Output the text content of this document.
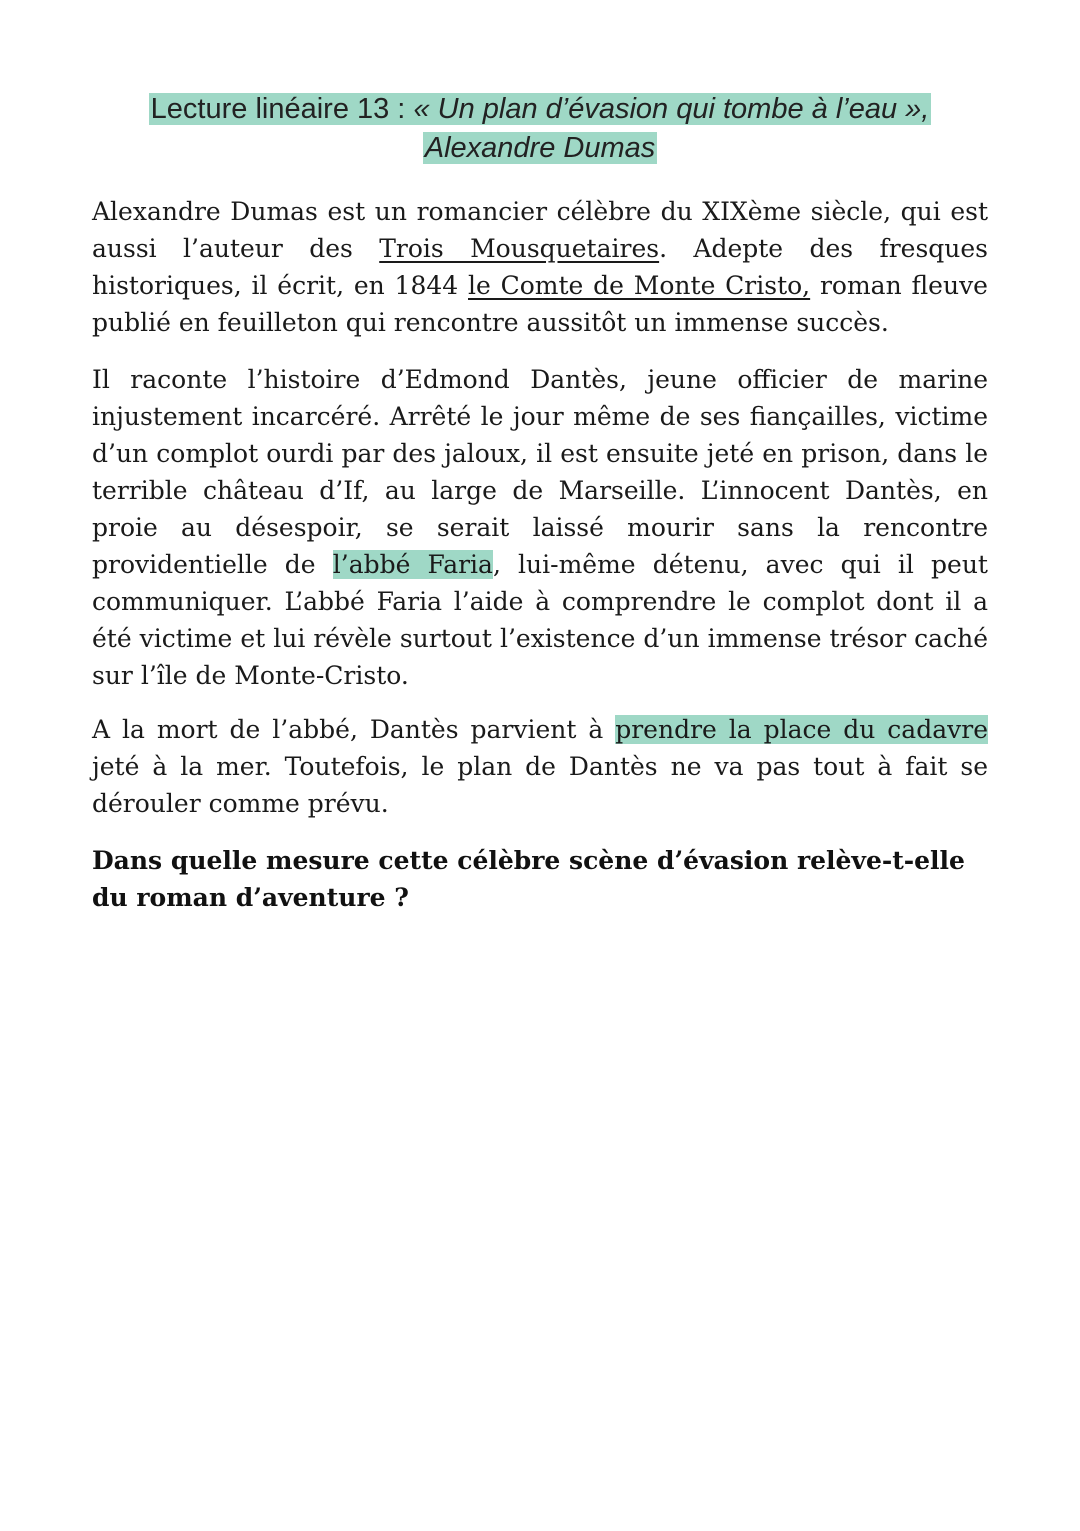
Lecture linéaire 13 : « Un plan d’évasion qui tombe à l’eau »,
Alexandre Dumas

Alexandre Dumas est un romancier célèbre du XIXème siècle, qui est aussi l’auteur des Trois Mousquetaires. Adepte des fresques historiques, il écrit, en 1844 le Comte de Monte Cristo, roman fleuve publié en feuilleton qui rencontre aussitôt un immense succès.

Il raconte l’histoire d’Edmond Dantès, jeune officier de marine injustement incarcéré. Arrêté le jour même de ses fiançailles, victime d’un complot ourdi par des jaloux, il est ensuite jeté en prison, dans le terrible château d’If, au large de Marseille. L’innocent Dantès, en proie au désespoir, se serait laissé mourir sans la rencontre providentielle de l’abbé Faria, lui-même détenu, avec qui il peut communiquer. L’abbé Faria l’aide à comprendre le complot dont il a été victime et lui révèle surtout l’existence d’un immense trésor caché sur l’île de Monte-Cristo.

A la mort de l’abbé, Dantès parvient à prendre la place du cadavre jeté à la mer. Toutefois, le plan de Dantès ne va pas tout à fait se dérouler comme prévu.

Dans quelle mesure cette célèbre scène d’évasion relève-t-elle du roman d’aventure ?
